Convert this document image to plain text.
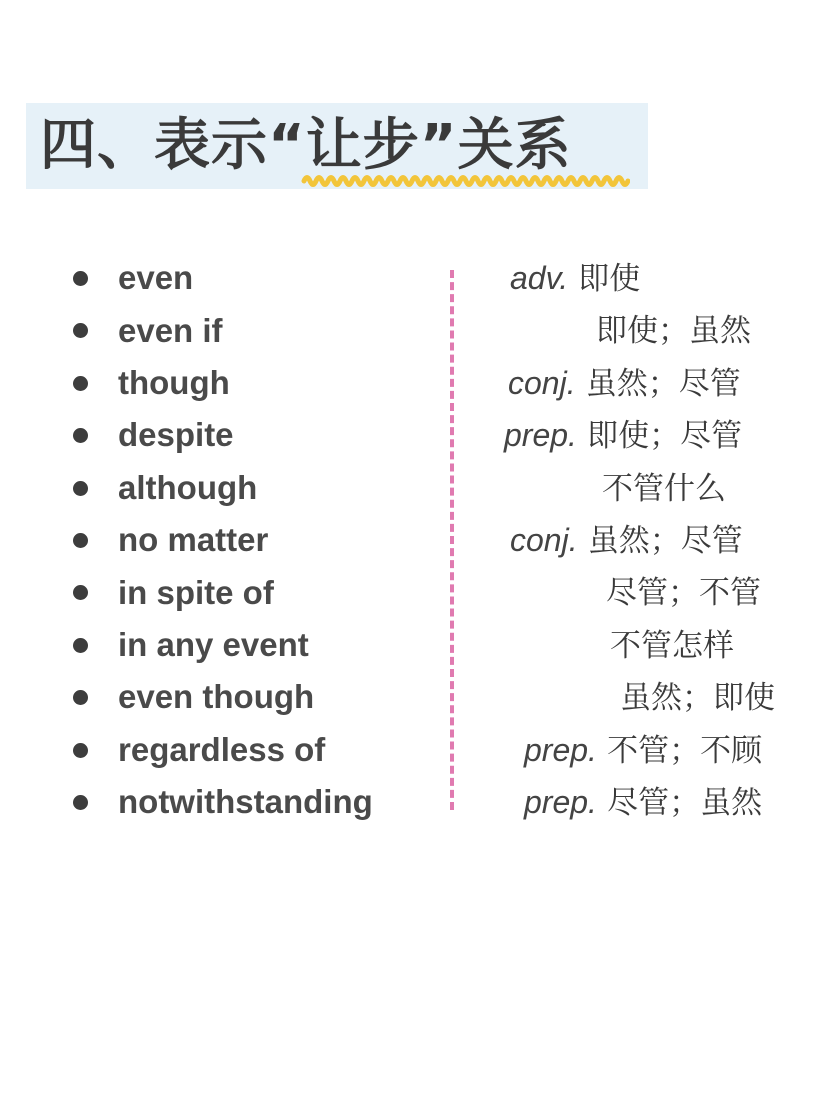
四、表示“让步”关系
even
even if
though
despite
although
no matter
in spite of
in any event
even though
regardless of
notwithstanding
adv. 即使
即使；虽然
conj. 虽然；尽管
prep. 即使；尽管
不管什么
conj. 虽然；尽管
尽管；不管
不管怎样
虽然；即使
prep. 不管；不顾
prep. 尽管；虽然
